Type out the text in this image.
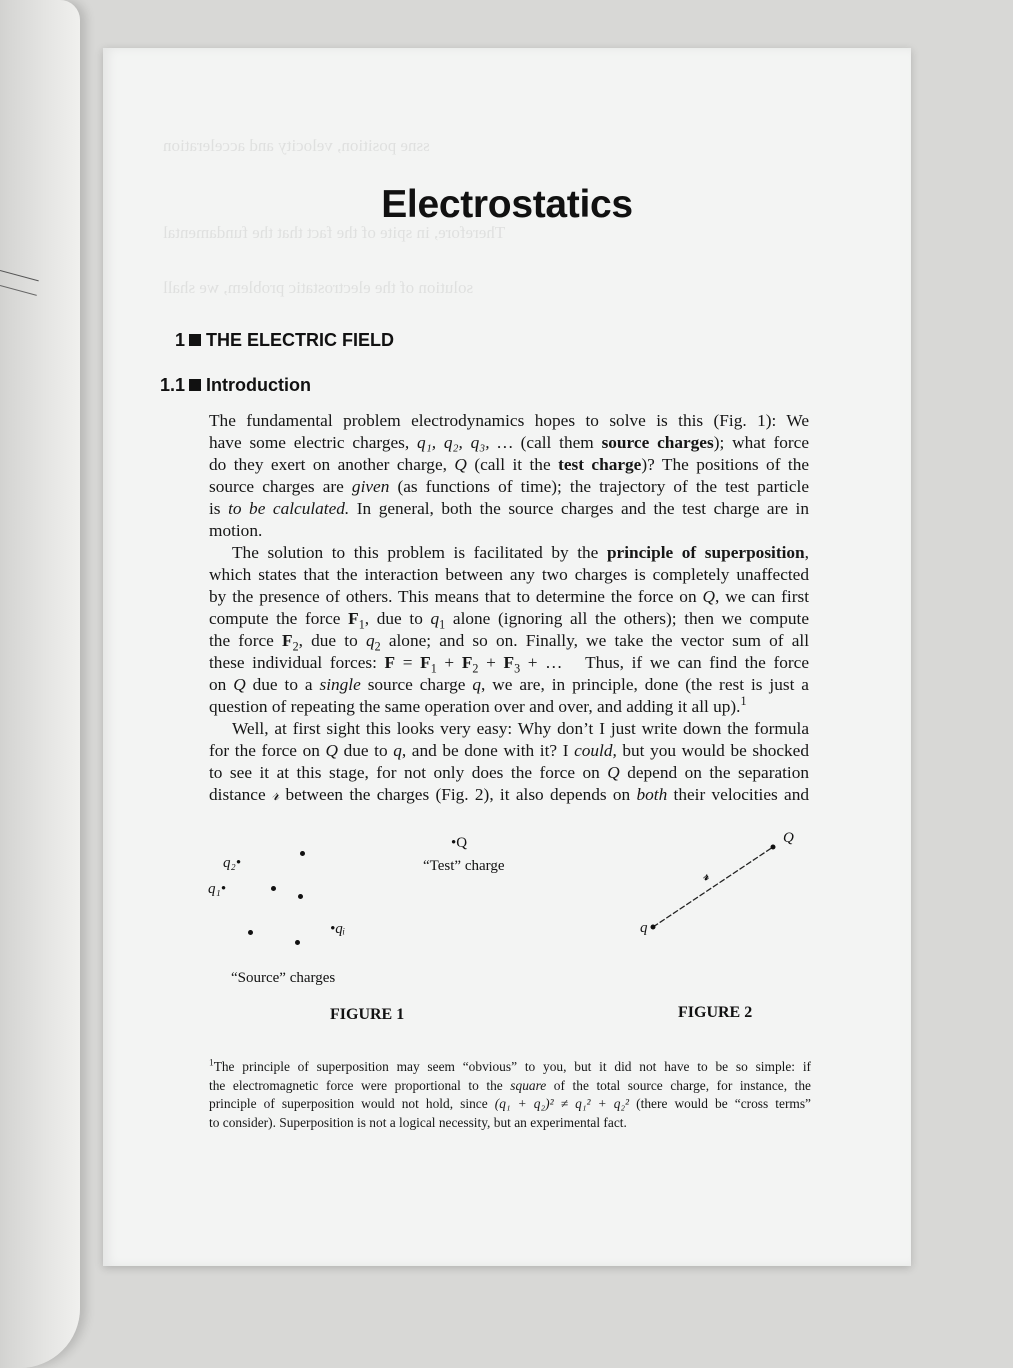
ssne position, velocity and acceleration
Therefore, in spite of the fact that the fundamental
solution of the electrostatic problem, we shall
Electrostatics
1 THE ELECTRIC FIELD
1.1 Introduction
The fundamental problem electrodynamics hopes to solve is this (Fig. 1): We
have some electric charges, q₁, q₂, q₃, … (call them source charges); what force
do they exert on another charge, Q (call it the test charge)? The positions of the
source charges are given (as functions of time); the trajectory of the test particle
is to be calculated. In general, both the source charges and the test charge are in
motion.
The solution to this problem is facilitated by the principle of superposition,
which states that the interaction between any two charges is completely unaffected
by the presence of others. This means that to determine the force on Q, we can first
compute the force $F_1$, due to $q_1$ alone (ignoring all the others); then we compute
the force $F_2$, due to $q_2$ alone; and so on. Finally, we take the vector sum of all
these individual forces: $F = F_1 + F_2 + F_3$ + … Thus, if we can find the force
on Q due to a single source charge q, we are, in principle, done (the rest is just a
question of repeating the same operation over and over, and adding it all up).$^1$
Well, at first sight this looks very easy: Why don’t I just write down the formula
for the force on Q due to q, and be done with it? I could, but you would be shocked
to see it at this stage, for not only does the force on Q depend on the separation
distance 𝓇 between the charges (Fig. 2), it also depends on both their velocities and
•Q
“Test” charge
q₂•
q₁•
•qᵢ
“Source” charges
FIGURE 1
Q
q
𝓇
FIGURE 2
$^1$The principle of superposition may seem “obvious” to you, but it did not have to be so simple: if
the electromagnetic force were proportional to the square of the total source charge, for instance, the
principle of superposition would not hold, since (q₁ + q₂)² ≠ q₁² + q₂² (there would be “cross terms”
to consider). Superposition is not a logical necessity, but an experimental fact.
